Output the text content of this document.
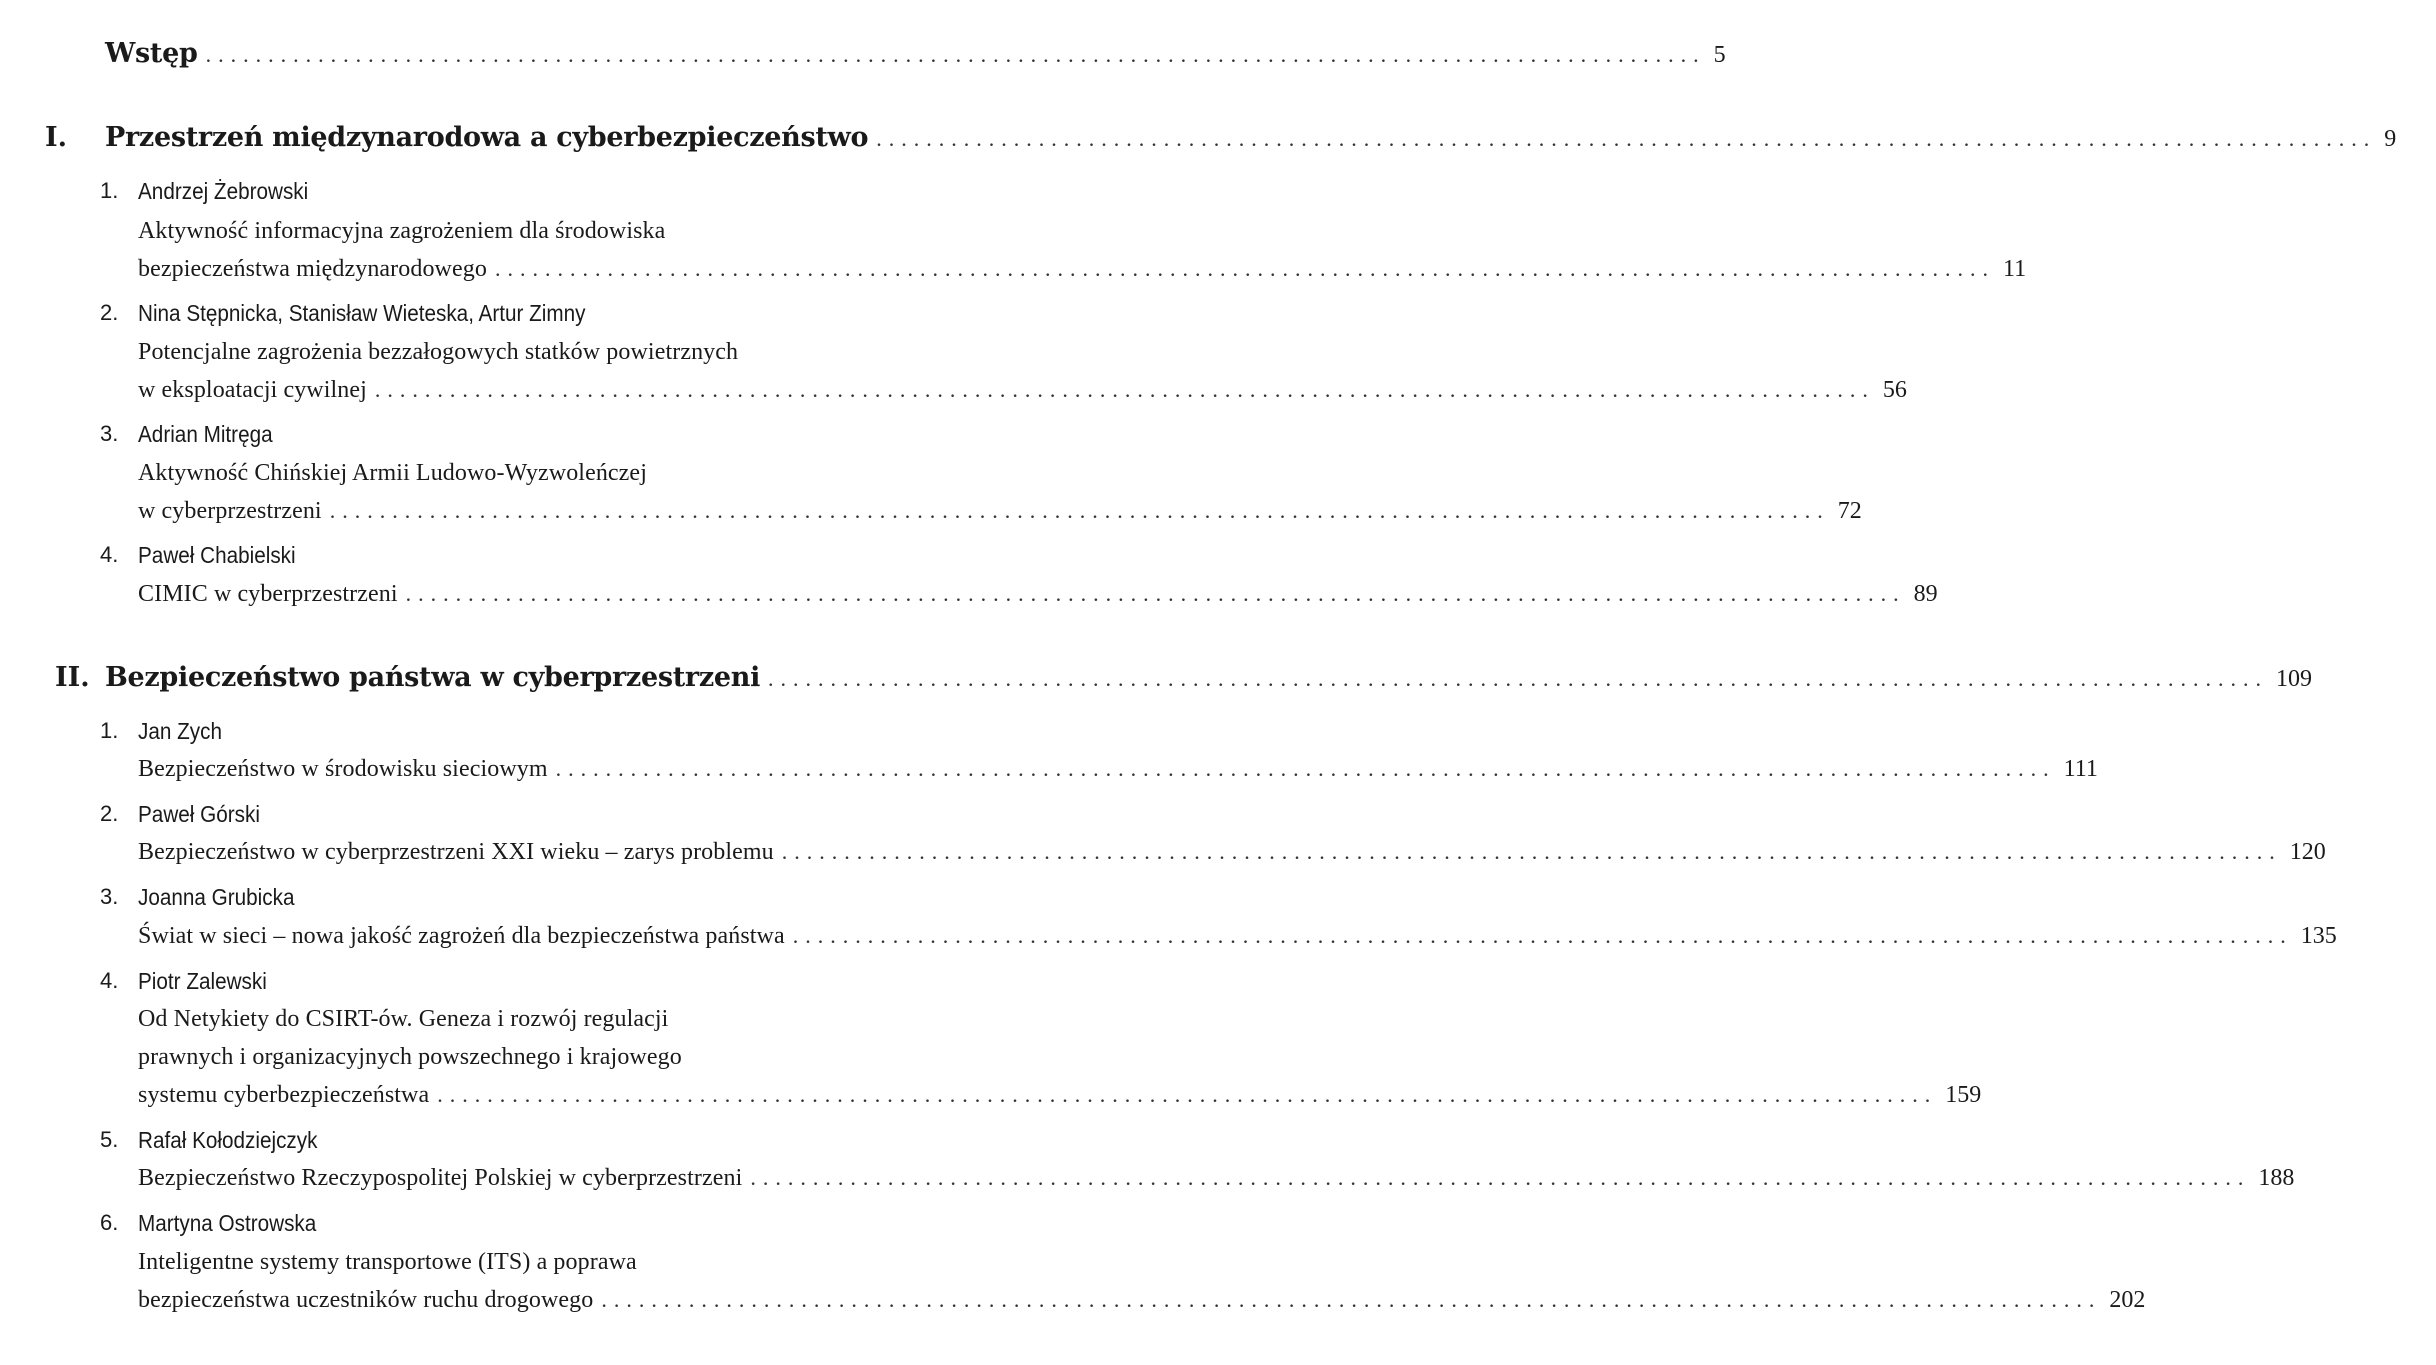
Wstęp ........................................................................................................................ 5
I.	Przestrzeń międzynarodowa a cyberbezpieczeństwo ........................................................................................................................ 9
1. Andrzej Żebrowski
Aktywność informacyjna zagrożeniem dla środowiska
bezpieczeństwa międzynarodowego ........................................................................................................................ 11
2. Nina Stępnicka, Stanisław Wieteska, Artur Zimny
Potencjalne zagrożenia bezzałogowych statków powietrznych
w eksploatacji cywilnej ........................................................................................................................ 56
3. Adrian Mitręga
Aktywność Chińskiej Armii Ludowo-Wyzwoleńczej
w cyberprzestrzeni ........................................................................................................................ 72
4. Paweł Chabielski
CIMIC w cyberprzestrzeni ........................................................................................................................ 89
II. Bezpieczeństwo państwa w cyberprzestrzeni ........................................................................................................................ 109
1. Jan Zych
Bezpieczeństwo w środowisku sieciowym ........................................................................................................................ 111
2. Paweł Górski
Bezpieczeństwo w cyberprzestrzeni XXI wieku – zarys problemu ........................................................................................................................ 120
3. Joanna Grubicka
Świat w sieci – nowa jakość zagrożeń dla bezpieczeństwa państwa ........................................................................................................................ 135
4. Piotr Zalewski
Od Netykiety do CSIRT-ów. Geneza i rozwój regulacji
prawnych i organizacyjnych powszechnego i krajowego
systemu cyberbezpieczeństwa ........................................................................................................................ 159
5. Rafał Kołodziejczyk
Bezpieczeństwo Rzeczypospolitej Polskiej w cyberprzestrzeni ........................................................................................................................ 188
6. Martyna Ostrowska
Inteligentne systemy transportowe (ITS) a poprawa
bezpieczeństwa uczestników ruchu drogowego ........................................................................................................................ 202
